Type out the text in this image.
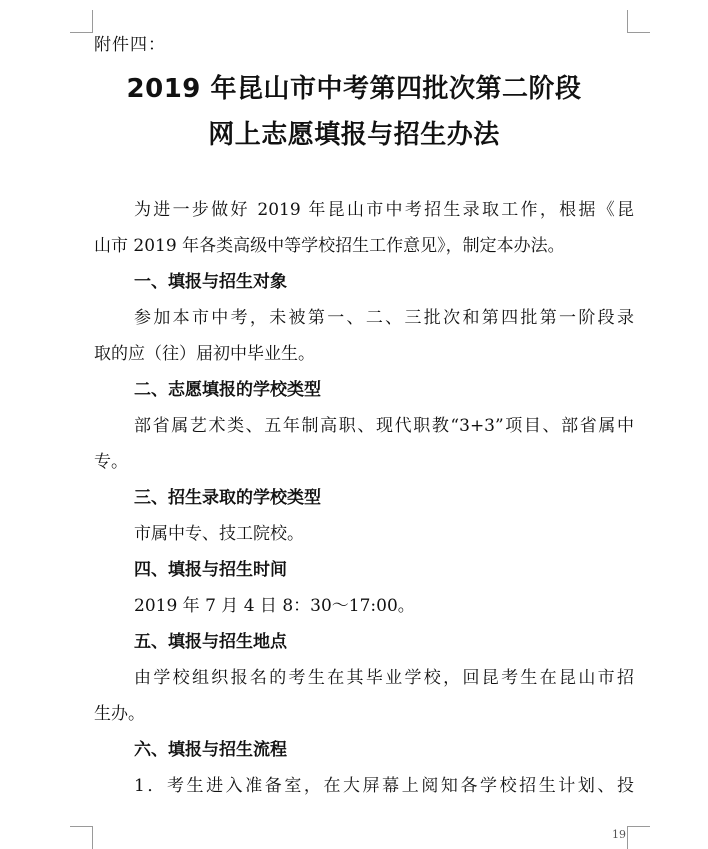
附件四：
2019 年昆山市中考第四批次第二阶段
网上志愿填报与招生办法
为进一步做好 2019 年昆山市中考招生录取工作，根据《昆
山市 2019 年各类高级中等学校招生工作意见》，制定本办法。
一、填报与招生对象
参加本市中考，未被第一、二、三批次和第四批第一阶段录
取的应（往）届初中毕业生。
二、志愿填报的学校类型
部省属艺术类、五年制高职、现代职教“3+3”项目、部省属中
专。
三、招生录取的学校类型
市属中专、技工院校。
四、填报与招生时间
2019 年 7 月 4 日 8：30～17:00。
五、填报与招生地点
由学校组织报名的考生在其毕业学校，回昆考生在昆山市招
生办。
六、填报与招生流程
1．考生进入准备室，在大屏幕上阅知各学校招生计划、投
19
